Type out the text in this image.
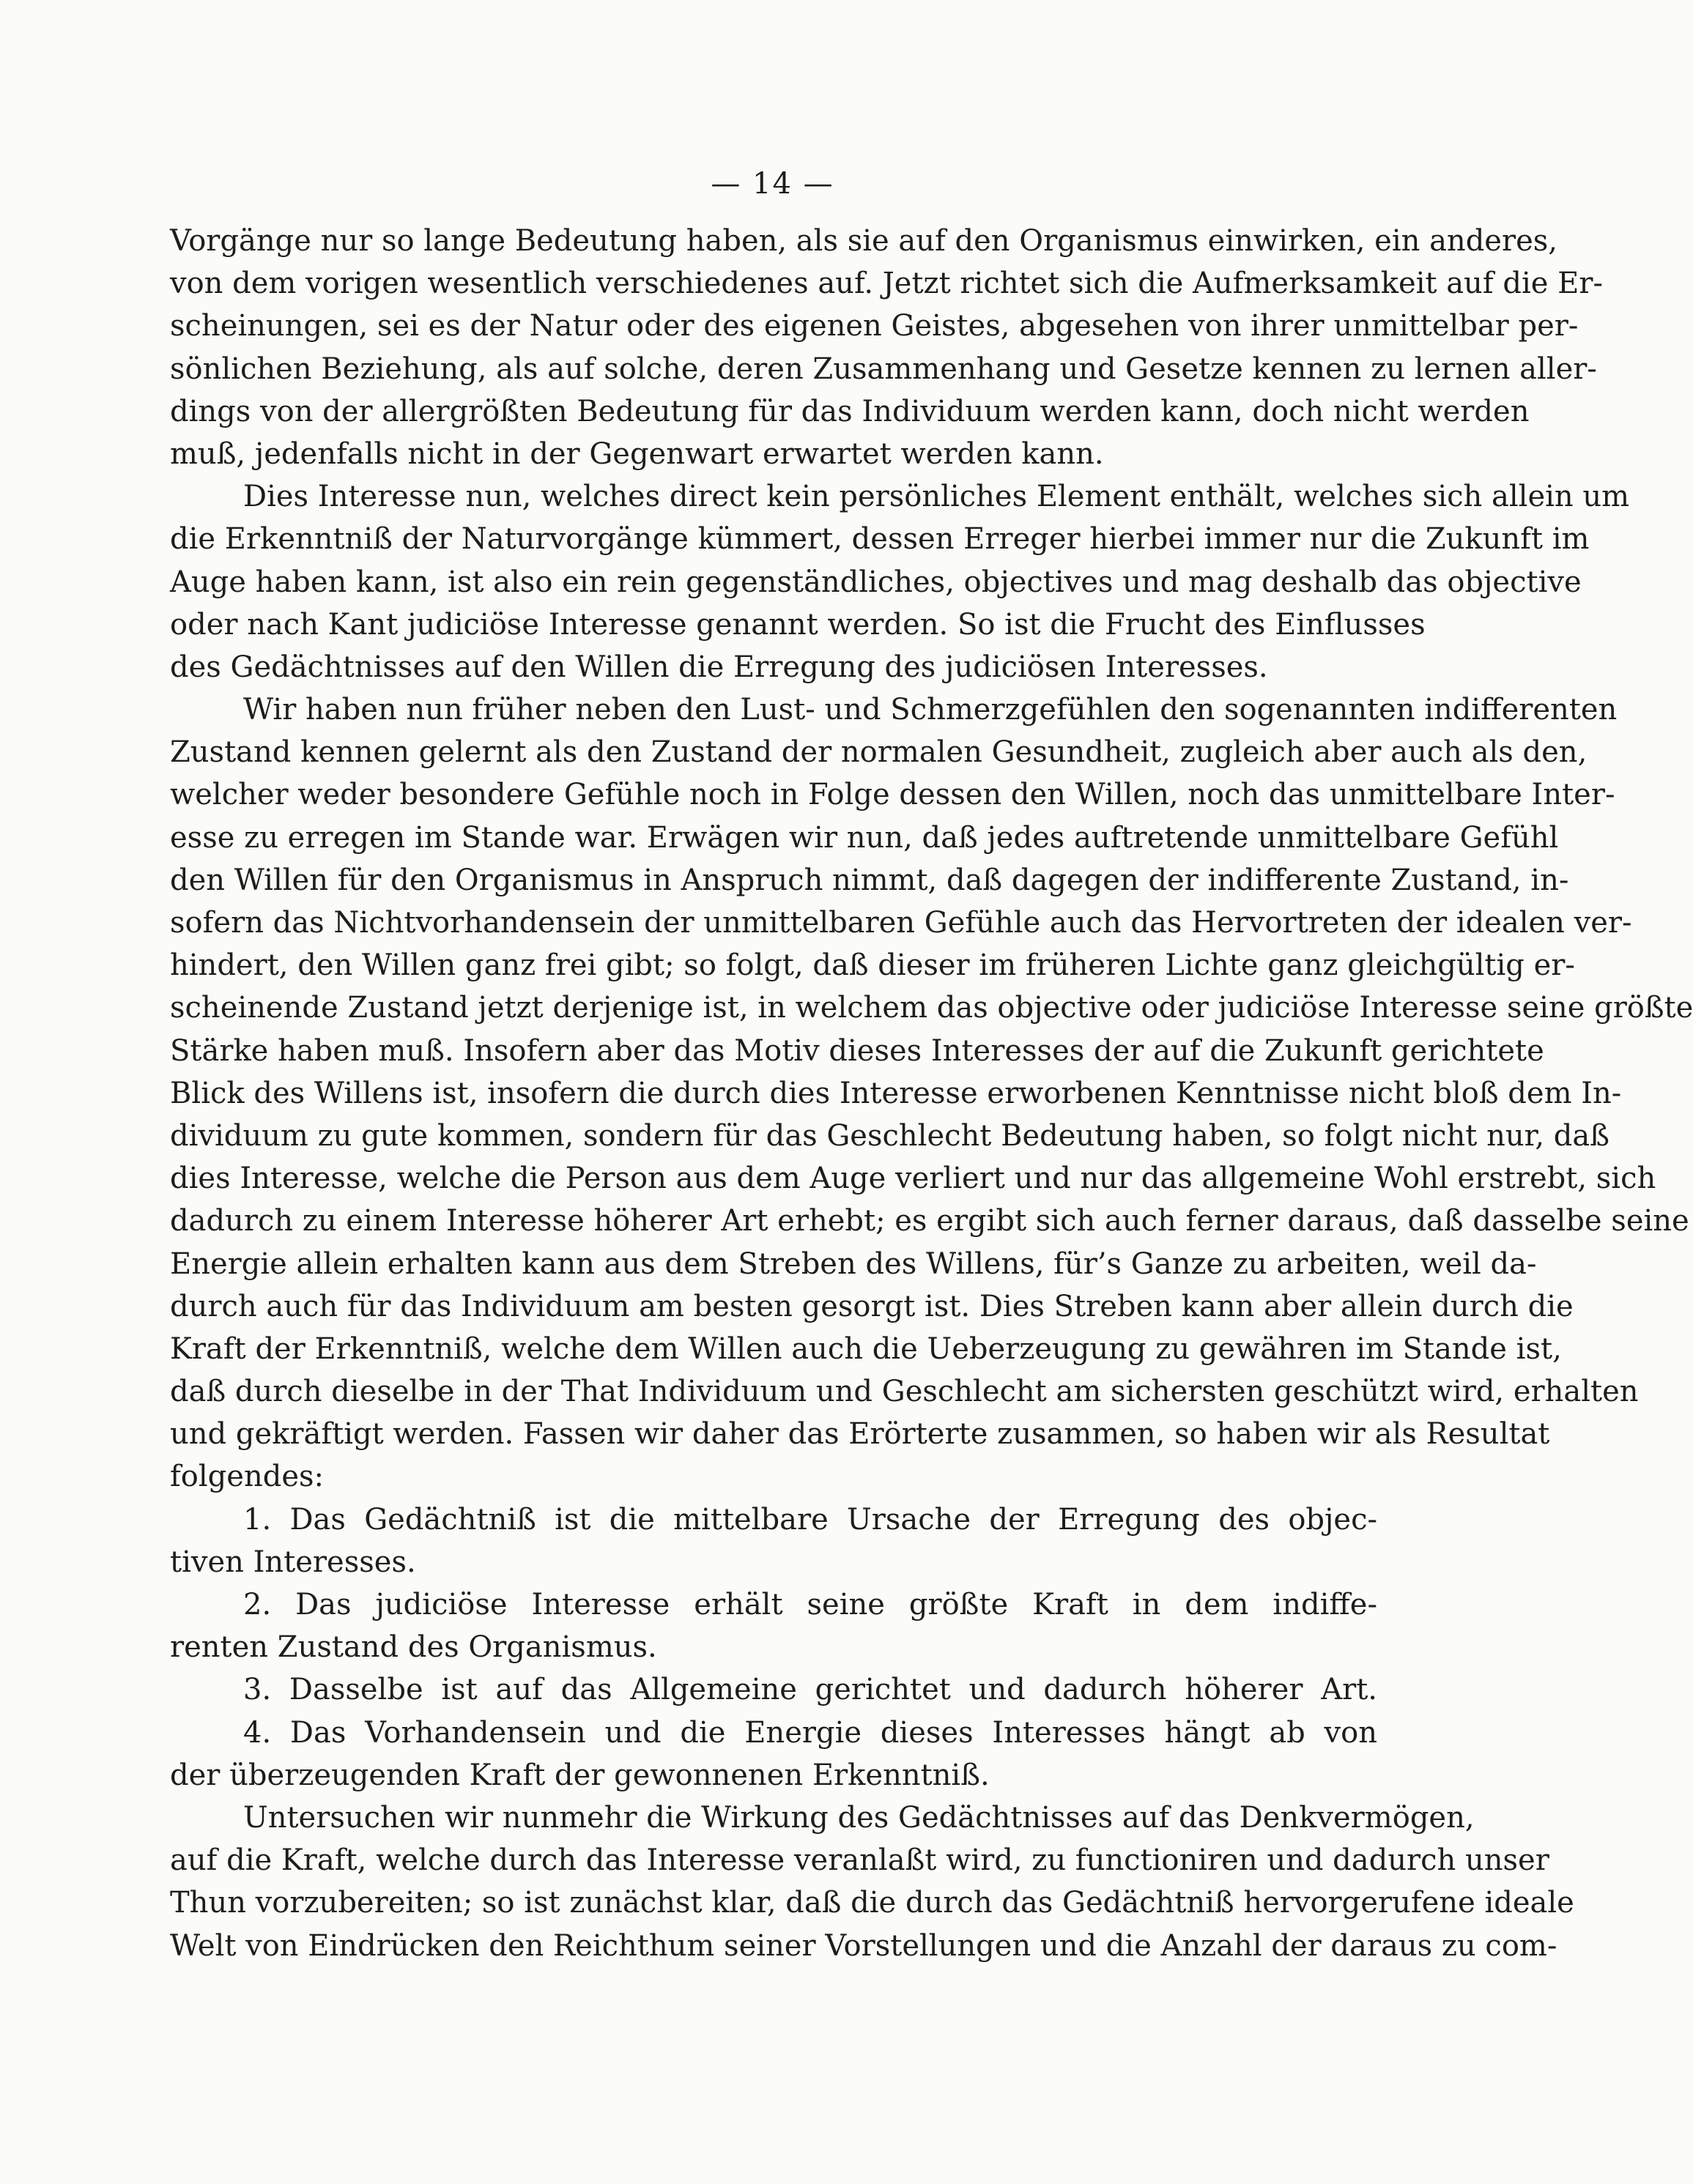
— 14 —
Vorgänge nur so lange Bedeutung haben, als sie auf den Organismus einwirken, ein anderes,
von dem vorigen wesentlich verschiedenes auf. Jetzt richtet sich die Aufmerksamkeit auf die Er-
scheinungen, sei es der Natur oder des eigenen Geistes, abgesehen von ihrer unmittelbar per-
sönlichen Beziehung, als auf solche, deren Zusammenhang und Gesetze kennen zu lernen aller-
dings von der allergrößten Bedeutung für das Individuum werden kann, doch nicht werden
muß, jedenfalls nicht in der Gegenwart erwartet werden kann.
Dies Interesse nun, welches direct kein persönliches Element enthält, welches sich allein um
die Erkenntniß der Naturvorgänge kümmert, dessen Erreger hierbei immer nur die Zukunft im
Auge haben kann, ist also ein rein gegenständliches, objectives und mag deshalb das objective
oder nach Kant judiciöse Interesse genannt werden. So ist die Frucht des Einflusses
des Gedächtnisses auf den Willen die Erregung des judiciösen Interesses.
Wir haben nun früher neben den Lust- und Schmerzgefühlen den sogenannten indifferenten
Zustand kennen gelernt als den Zustand der normalen Gesundheit, zugleich aber auch als den,
welcher weder besondere Gefühle noch in Folge dessen den Willen, noch das unmittelbare Inter-
esse zu erregen im Stande war. Erwägen wir nun, daß jedes auftretende unmittelbare Gefühl
den Willen für den Organismus in Anspruch nimmt, daß dagegen der indifferente Zustand, in-
sofern das Nichtvorhandensein der unmittelbaren Gefühle auch das Hervortreten der idealen ver-
hindert, den Willen ganz frei gibt; so folgt, daß dieser im früheren Lichte ganz gleichgültig er-
scheinende Zustand jetzt derjenige ist, in welchem das objective oder judiciöse Interesse seine größte
Stärke haben muß. Insofern aber das Motiv dieses Interesses der auf die Zukunft gerichtete
Blick des Willens ist, insofern die durch dies Interesse erworbenen Kenntnisse nicht bloß dem In-
dividuum zu gute kommen, sondern für das Geschlecht Bedeutung haben, so folgt nicht nur, daß
dies Interesse, welche die Person aus dem Auge verliert und nur das allgemeine Wohl erstrebt, sich
dadurch zu einem Interesse höherer Art erhebt; es ergibt sich auch ferner daraus, daß dasselbe seine
Energie allein erhalten kann aus dem Streben des Willens, für’s Ganze zu arbeiten, weil da-
durch auch für das Individuum am besten gesorgt ist. Dies Streben kann aber allein durch die
Kraft der Erkenntniß, welche dem Willen auch die Ueberzeugung zu gewähren im Stande ist,
daß durch dieselbe in der That Individuum und Geschlecht am sichersten geschützt wird, erhalten
und gekräftigt werden. Fassen wir daher das Erörterte zusammen, so haben wir als Resultat
folgendes:
1. Das Gedächtniß ist die mittelbare Ursache der Erregung des objec-
tiven Interesses.
2. Das judiciöse Interesse erhält seine größte Kraft in dem indiffe-
renten Zustand des Organismus.
3. Dasselbe ist auf das Allgemeine gerichtet und dadurch höherer Art.
4. Das Vorhandensein und die Energie dieses Interesses hängt ab von
der überzeugenden Kraft der gewonnenen Erkenntniß.
Untersuchen wir nunmehr die Wirkung des Gedächtnisses auf das Denkvermögen,
auf die Kraft, welche durch das Interesse veranlaßt wird, zu functioniren und dadurch unser
Thun vorzubereiten; so ist zunächst klar, daß die durch das Gedächtniß hervorgerufene ideale
Welt von Eindrücken den Reichthum seiner Vorstellungen und die Anzahl der daraus zu com-
